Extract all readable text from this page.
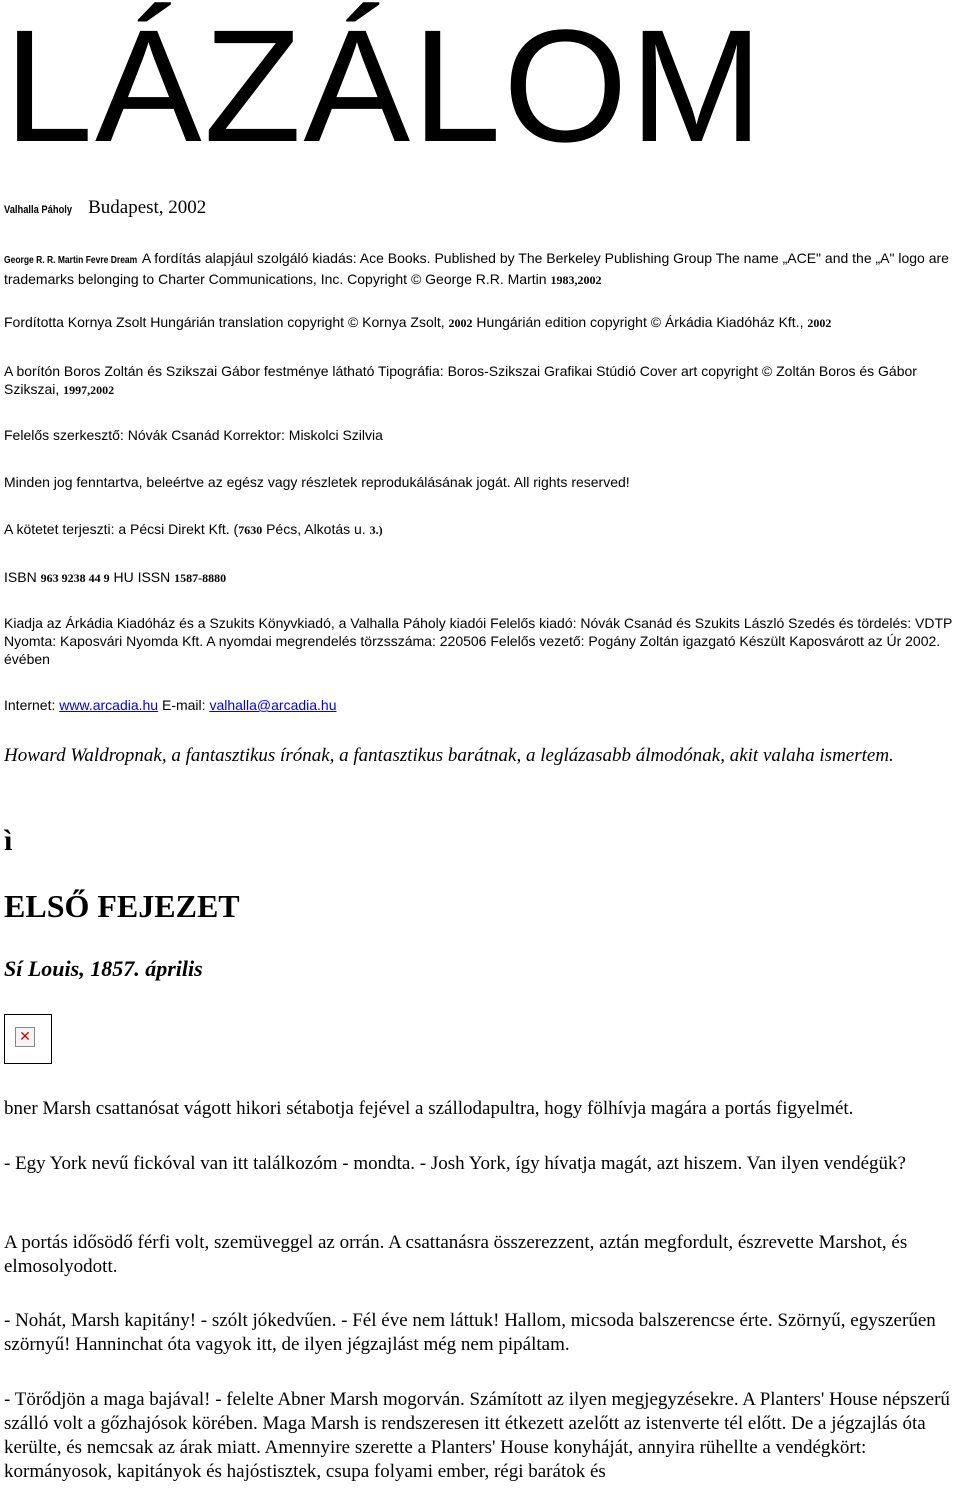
LÁZÁLOM
Valhalla Páholy Budapest, 2002
George R. R. Martin Fevre Dream A fordítás alapjául szolgáló kiadás: Ace Books. Published by The Berkeley Publishing Group The name „ACE" and the „A" logo are trademarks belonging to Charter Communications, Inc. Copyright © George R.R. Martin 1983,2002
Fordította Kornya Zsolt Hungárián translation copyright © Kornya Zsolt, 2002 Hungárián edition copyright © Árkádia Kiadóház Kft., 2002
A borítón Boros Zoltán és Szikszai Gábor festménye látható Tipográfia: Boros-Szikszai Grafikai Stúdió Cover art copyright © Zoltán Boros és Gábor Szikszai, 1997,2002
Felelős szerkesztő: Nóvák Csanád Korrektor: Miskolci Szilvia
Minden jog fenntartva, beleértve az egész vagy részletek reprodukálásának jogát. All rights reserved!
A kötetet terjeszti: a Pécsi Direkt Kft. (7630 Pécs, Alkotás u. 3.)
ISBN 963 9238 44 9 HU ISSN 1587-8880
Kiadja az Árkádia Kiadóház és a Szukits Könyvkiadó, a Valhalla Páholy kiadói Felelős kiadó: Nóvák Csanád és Szukits László Szedés és tördelés: VDTP Nyomta: Kaposvári Nyomda Kft. A nyomdai megrendelés törzsszáma: 220506 Felelős vezető: Pogány Zoltán igazgató Készült Kaposvárott az Úr 2002. évében
Internet: www.arcadia.hu E-mail: valhalla@arcadia.hu
Howard Waldropnak, a fantasztikus írónak, a fantasztikus barátnak, a leglázasabb álmodónak, akit valaha ismertem.
ì
ELSŐ FEJEZET
Sí Louis, 1857. április
✕
bner Marsh csattanósat vágott hikori sétabotja fejével a szállodapultra, hogy fölhívja magára a portás figyelmét.
- Egy York nevű fickóval van itt találkozóm - mondta. - Josh York, így hívatja magát, azt hiszem. Van ilyen vendégük?
A portás idősödő férfi volt, szemüveggel az orrán. A csattanásra összerezzent, aztán megfordult, észrevette Marshot, és elmosolyodott.
- Nohát, Marsh kapitány! - szólt jókedvűen. - Fél éve nem láttuk! Hallom, micsoda balszerencse érte. Szörnyű, egyszerűen szörnyű! Hanninchat óta vagyok itt, de ilyen jégzajlást még nem pipáltam.
- Törődjön a maga bajával! - felelte Abner Marsh mogorván. Számított az ilyen megjegyzésekre. A Planters' House népszerű szálló volt a gőzhajósok körében. Maga Marsh is rendszeresen itt étkezett azelőtt az istenverte tél előtt. De a jégzajlás óta kerülte, és nemcsak az árak miatt. Amennyire szerette a Planters' House konyháját, annyira rühellte a vendégkört: kormányosok, kapitányok és hajóstisztek, csupa folyami ember, régi barátok és
